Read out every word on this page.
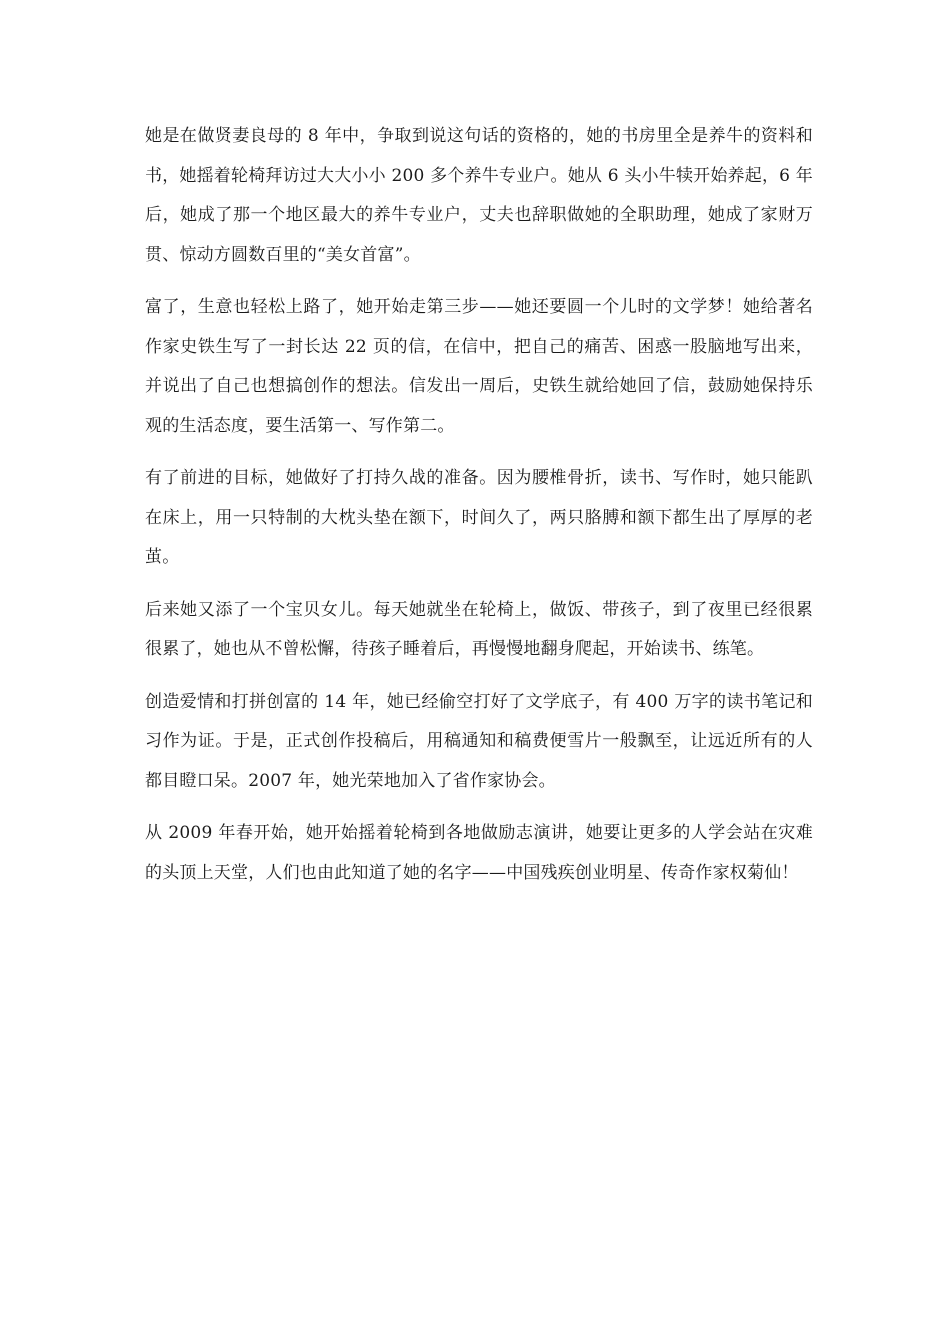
她是在做贤妻良母的 8 年中，争取到说这句话的资格的，她的书房里全是养牛的资料和书，她摇着轮椅拜访过大大小小 200 多个养牛专业户。她从 6 头小牛犊开始养起，6 年后，她成了那一个地区最大的养牛专业户，丈夫也辞职做她的全职助理，她成了家财万贯、惊动方圆数百里的“美女首富”。

富了，生意也轻松上路了，她开始走第三步——她还要圆一个儿时的文学梦！她给著名作家史铁生写了一封长达 22 页的信，在信中，把自己的痛苦、困惑一股脑地写出来，并说出了自己也想搞创作的想法。信发出一周后，史铁生就给她回了信，鼓励她保持乐观的生活态度，要生活第一、写作第二。

有了前进的目标，她做好了打持久战的准备。因为腰椎骨折，读书、写作时，她只能趴在床上，用一只特制的大枕头垫在额下，时间久了，两只胳膊和额下都生出了厚厚的老茧。

后来她又添了一个宝贝女儿。每天她就坐在轮椅上，做饭、带孩子，到了夜里已经很累很累了，她也从不曾松懈，待孩子睡着后，再慢慢地翻身爬起，开始读书、练笔。

创造爱情和打拼创富的 14 年，她已经偷空打好了文学底子，有 400 万字的读书笔记和习作为证。于是，正式创作投稿后，用稿通知和稿费便雪片一般飘至，让远近所有的人都目瞪口呆。2007 年，她光荣地加入了省作家协会。

从 2009 年春开始，她开始摇着轮椅到各地做励志演讲，她要让更多的人学会站在灾难的头顶上天堂，人们也由此知道了她的名字——中国残疾创业明星、传奇作家权菊仙！
